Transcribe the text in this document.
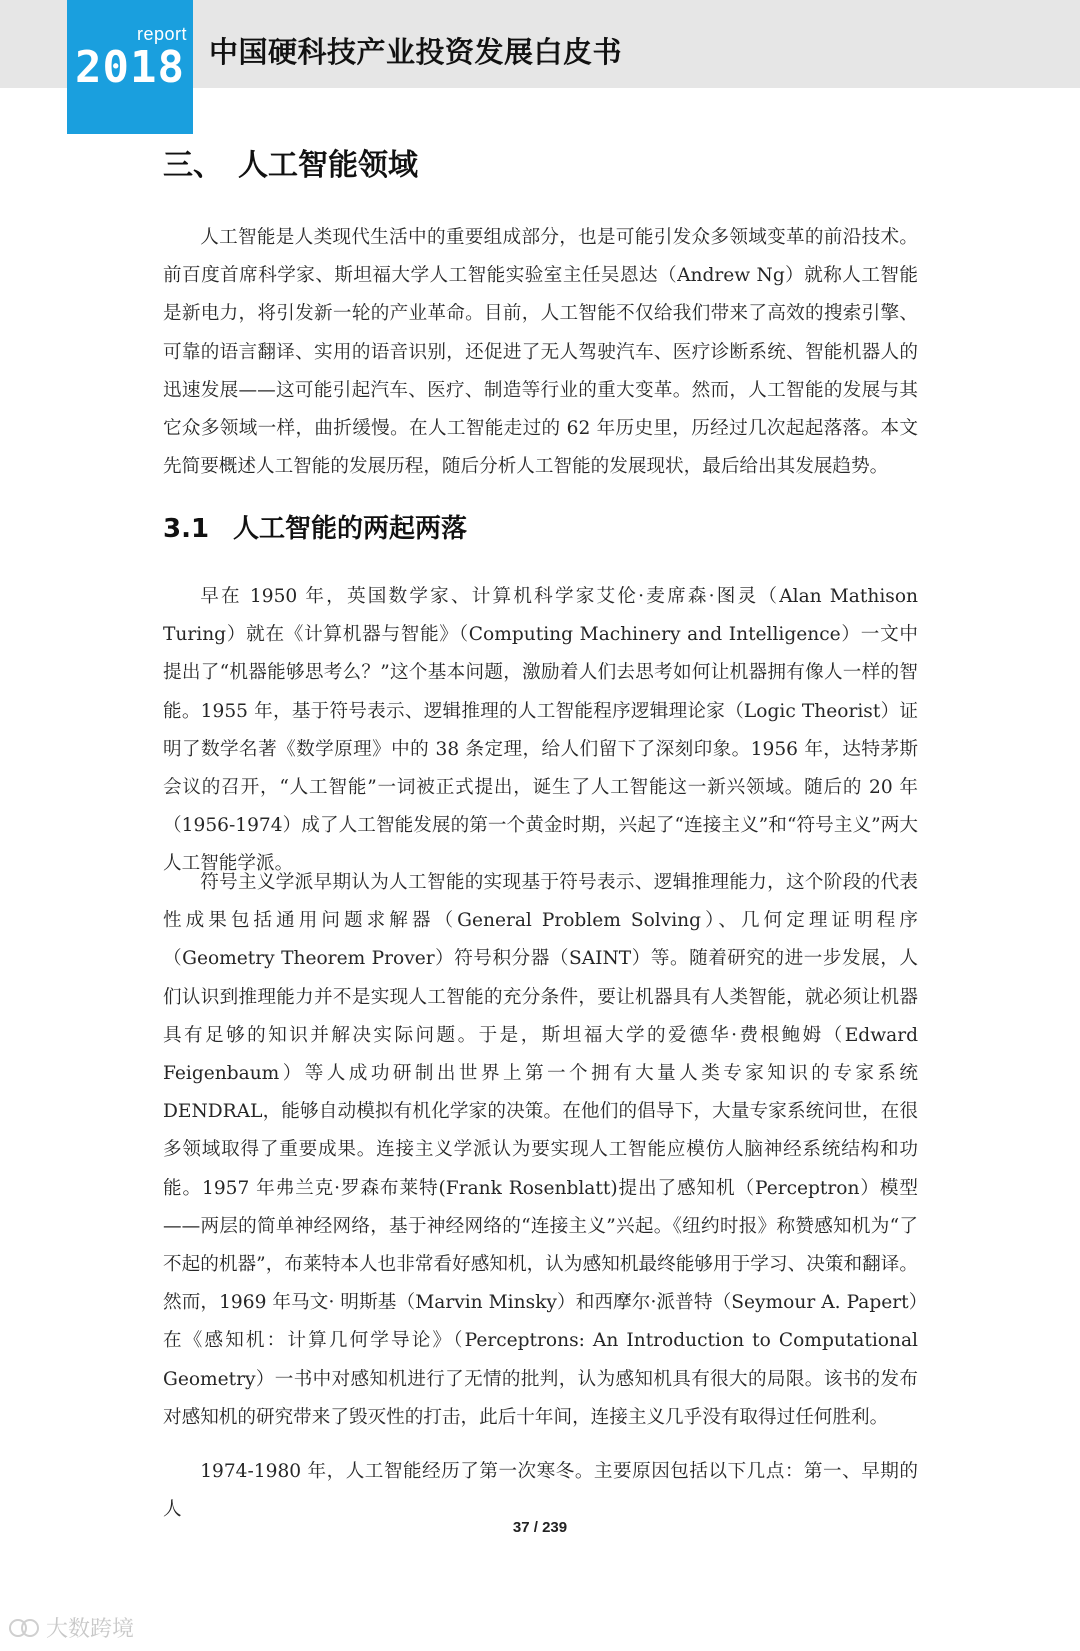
report
2018 中国硬科技产业投资发展白皮书
三、 人工智能领域

人工智能是人类现代生活中的重要组成部分，也是可能引发众多领域变革的前沿技术。前百度首席科学家、斯坦福大学人工智能实验室主任吴恩达（Andrew Ng）就称人工智能是新电力，将引发新一轮的产业革命。目前，人工智能不仅给我们带来了高效的搜索引擎、可靠的语言翻译、实用的语音识别，还促进了无人驾驶汽车、医疗诊断系统、智能机器人的迅速发展——这可能引起汽车、医疗、制造等行业的重大变革。然而，人工智能的发展与其它众多领域一样，曲折缓慢。在人工智能走过的 62 年历史里，历经过几次起起落落。本文先简要概述人工智能的发展历程，随后分析人工智能的发展现状，最后给出其发展趋势。

3.1 人工智能的两起两落

早在 1950 年，英国数学家、计算机科学家艾伦·麦席森·图灵（Alan Mathison Turing）就在《计算机器与智能》（Computing Machinery and Intelligence）一文中提出了“机器能够思考么？”这个基本问题，激励着人们去思考如何让机器拥有像人一样的智能。1955 年，基于符号表示、逻辑推理的人工智能程序逻辑理论家（Logic Theorist）证明了数学名著《数学原理》中的 38 条定理，给人们留下了深刻印象。1956 年，达特茅斯会议的召开，“人工智能”一词被正式提出，诞生了人工智能这一新兴领域。随后的 20 年（1956-1974）成了人工智能发展的第一个黄金时期，兴起了“连接主义”和“符号主义”两大人工智能学派。

符号主义学派早期认为人工智能的实现基于符号表示、逻辑推理能力，这个阶段的代表性成果包括通用问题求解器（General Problem Solving）、几何定理证明程序（Geometry Theorem Prover）符号积分器（SAINT）等。随着研究的进一步发展，人们认识到推理能力并不是实现人工智能的充分条件，要让机器具有人类智能，就必须让机器具有足够的知识并解决实际问题。于是，斯坦福大学的爱德华·费根鲍姆（Edward Feigenbaum）等人成功研制出世界上第一个拥有大量人类专家知识的专家系统 DENDRAL，能够自动模拟有机化学家的决策。在他们的倡导下，大量专家系统问世，在很多领域取得了重要成果。连接主义学派认为要实现人工智能应模仿人脑神经系统结构和功能。1957 年弗兰克·罗森布莱特(Frank Rosenblatt)提出了感知机（Perceptron）模型——两层的简单神经网络，基于神经网络的“连接主义”兴起。《纽约时报》称赞感知机为“了不起的机器”，布莱特本人也非常看好感知机，认为感知机最终能够用于学习、决策和翻译。然而，1969 年马文· 明斯基（Marvin Minsky）和西摩尔·派普特（Seymour A. Papert）在《感知机：计算几何学导论》（Perceptrons: An Introduction to Computational Geometry）一书中对感知机进行了无情的批判，认为感知机具有很大的局限。该书的发布对感知机的研究带来了毁灭性的打击，此后十年间，连接主义几乎没有取得过任何胜利。

1974-1980 年，人工智能经历了第一次寒冬。主要原因包括以下几点：第一、早期的人

37 / 239
大数跨境
